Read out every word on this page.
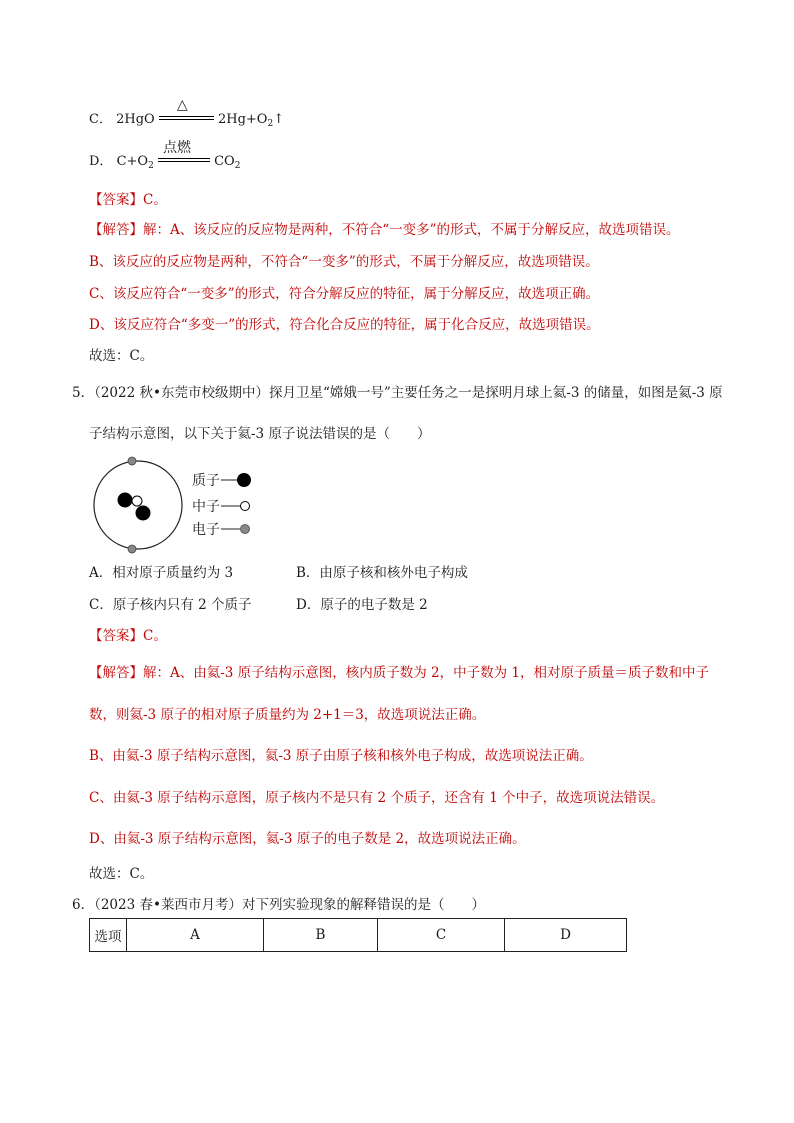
C． 2HgO
△
$2Hg+O_2↑$
D． $C+O_2$
点燃
$CO_2$
【答案】C。
【解答】解：A、该反应的反应物是两种，不符合“一变多”的形式，不属于分解反应，故选项错误。
B、该反应的反应物是两种，不符合“一变多”的形式，不属于分解反应，故选项错误。
C、该反应符合“一变多”的形式，符合分解反应的特征，属于分解反应，故选项正确。
D、该反应符合“多变一”的形式，符合化合反应的特征，属于化合反应，故选项错误。
故选：C。
5．（2022 秋•东莞市校级期中）探月卫星“嫦娥一号”主要任务之一是探明月球上氦-3 的储量，如图是氦-3 原
子结构示意图，以下关于氦-3 原子说法错误的是（　　）
质子
中子
电子
A．相对原子质量约为 3	B．由原子核和核外电子构成
C．原子核内只有 2 个质子	D．原子的电子数是 2
【答案】C。
【解答】解：A、由氦-3 原子结构示意图，核内质子数为 2，中子数为 1，相对原子质量＝质子数和中子
数，则氦-3 原子的相对原子质量约为 2+1＝3，故选项说法正确。
B、由氦-3 原子结构示意图，氦-3 原子由原子核和核外电子构成，故选项说法正确。
C、由氦-3 原子结构示意图，原子核内不是只有 2 个质子，还含有 1 个中子，故选项说法错误。
D、由氦-3 原子结构示意图，氦-3 原子的电子数是 2，故选项说法正确。
故选：C。
6．（2023 春•莱西市月考）对下列实验现象的解释错误的是（　　）
选项	A	B	C	D
